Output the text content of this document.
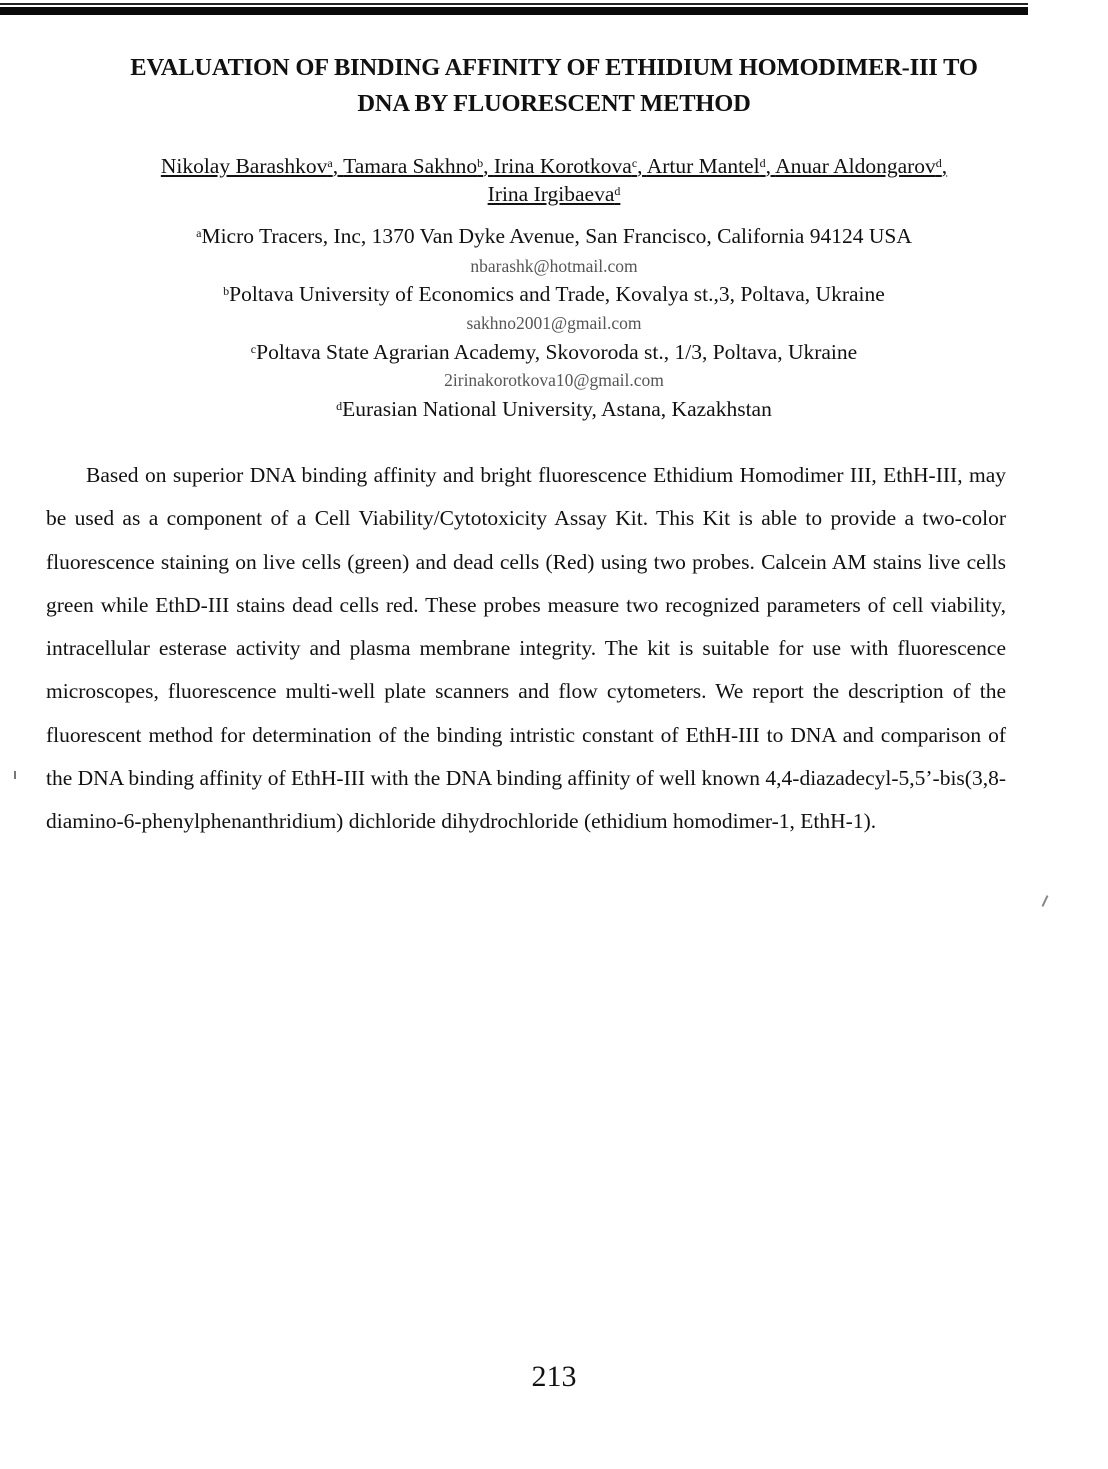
EVALUATION OF BINDING AFFINITY OF ETHIDIUM HOMODIMER-III TO
DNA BY FLUORESCENT METHOD
Nikolay Barashkov$^a$, Tamara Sakhno$^b$, Irina Korotkova$^c$, Artur Mantel$^d$, Anuar Aldongarov$^d$,
Irina Irgibaeva$^d$
$^a$Micro Tracers, Inc, 1370 Van Dyke Avenue, San Francisco, California 94124 USA
nbarashk@hotmail.com
$^b$Poltava University of Economics and Trade, Kovalya st.,3, Poltava, Ukraine
sakhno2001@gmail.com
$^c$Poltava State Agrarian Academy, Skovoroda st., 1/3, Poltava, Ukraine
2irinakorotkova10@gmail.com
$^d$Eurasian National University, Astana, Kazakhstan
Based on superior DNA binding affinity and bright fluorescence Ethidium Homodimer III, EthH-III, may be used as a component of a Cell Viability/Cytotoxicity Assay Kit. This Kit is able to provide a two-color fluorescence staining on live cells (green) and dead cells (Red) using two probes. Calcein AM stains live cells green while EthD-III stains dead cells red. These probes measure two recognized parameters of cell viability, intracellular esterase activity and plasma membrane integrity. The kit is suitable for use with fluorescence microscopes, fluorescence multi-well plate scanners and flow cytometers. We report the description of the fluorescent method for determination of the binding intristic constant of EthH-III to DNA and comparison of the DNA binding affinity of EthH-III with the DNA binding affinity of well known 4,4-diazadecyl-5,5’-bis(3,8-diamino-6-phenylphenanthridium) dichloride dihydrochloride (ethidium homodimer-1, EthH-1).
213
